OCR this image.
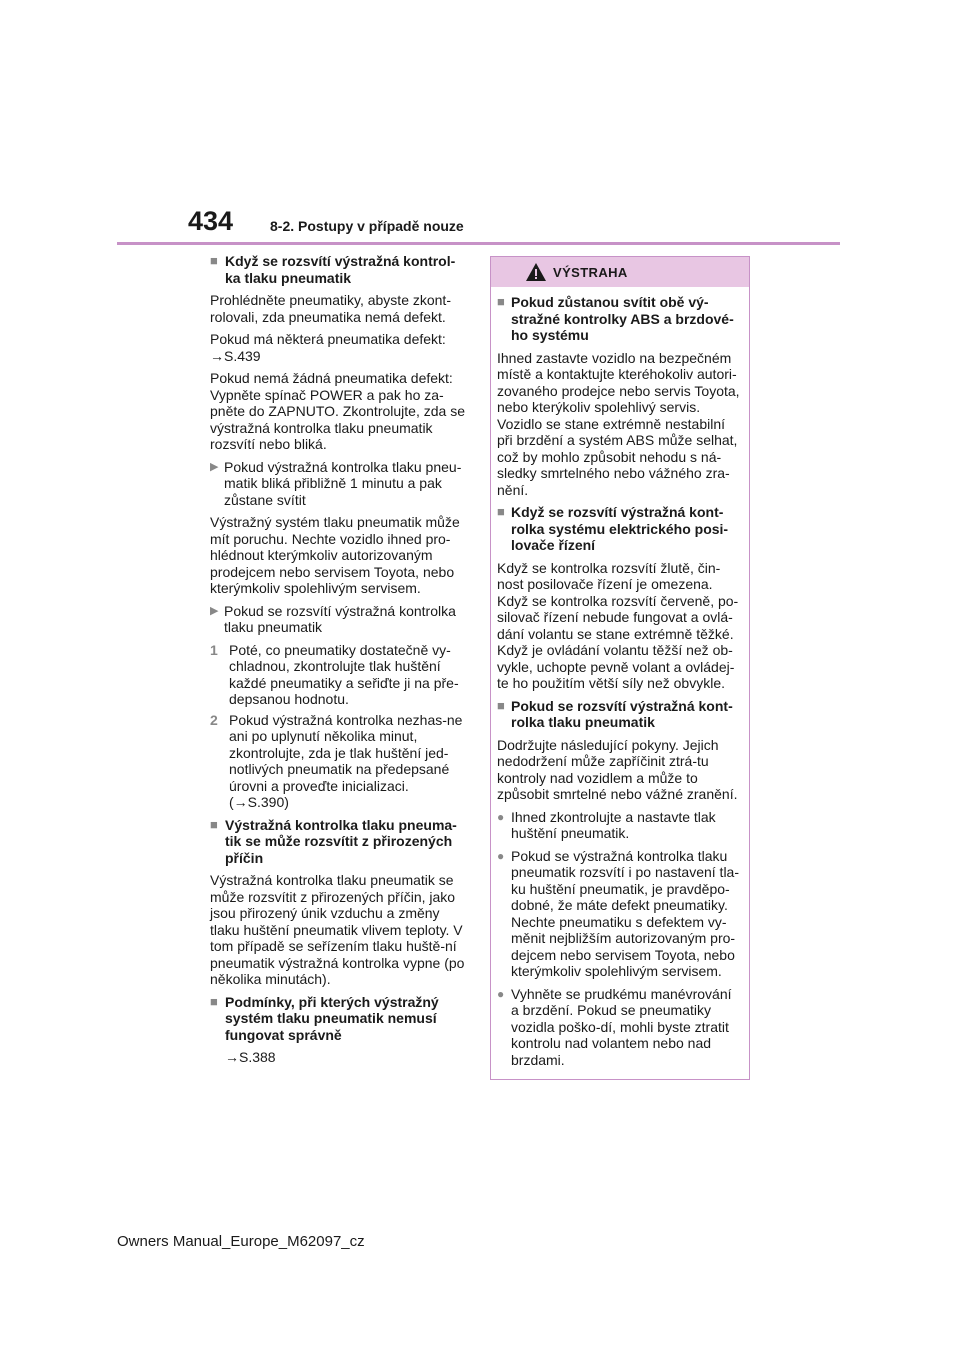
434	8-2. Postupy v případě nouze
■ Když se rozsvítí výstražná kontrol-ka tlaku pneumatik

Prohlédněte pneumatiky, abyste zkont-rolovali, zda pneumatika nemá defekt.

Pokud má některá pneumatika defekt: →S.439

Pokud nemá žádná pneumatika defekt: Vypněte spínač POWER a pak ho za-pněte do ZAPNUTO. Zkontrolujte, zda se výstražná kontrolka tlaku pneumatik rozsvítí nebo bliká.

▶ Pokud výstražná kontrolka tlaku pneu-matik bliká přibližně 1 minutu a pak zůstane svítit

Výstražný systém tlaku pneumatik může mít poruchu. Nechte vozidlo ihned pro-hlédnout kterýmkoliv autorizovaným prodejcem nebo servisem Toyota, nebo kterýmkoliv spolehlivým servisem.

▶ Pokud se rozsvítí výstražná kontrolka tlaku pneumatik
1 Poté, co pneumatiky dostatečně vy-chladnou, zkontrolujte tlak huštění každé pneumatiky a seřiďte ji na pře-depsanou hodnotu.
2 Pokud výstražná kontrolka nezhas-ne ani po uplynutí několika minut, zkontrolujte, zda je tlak huštění jed-notlivých pneumatik na předepsané úrovni a proveďte inicializaci. (→S.390)
■ Výstražná kontrolka tlaku pneuma-tik se může rozsvítit z přirozených příčin

Výstražná kontrolka tlaku pneumatik se může rozsvítit z přirozených příčin, jako jsou přirozený únik vzduchu a změny tlaku huštění pneumatik vlivem teploty. V tom případě se seřízením tlaku huště-ní pneumatik výstražná kontrolka vypne (po několika minutách).

■ Podmínky, při kterých výstražný systém tlaku pneumatik nemusí fungovat správně

→S.388

VÝSTRAHA
■ Pokud zůstanou svítit obě vý-stražné kontrolky ABS a brzdové-ho systému

Ihned zastavte vozidlo na bezpečném místě a kontaktujte kteréhokoliv autori-zovaného prodejce nebo servis Toyota, nebo kterýkoliv spolehlivý servis. Vozidlo se stane extrémně nestabilní při brzdění a systém ABS může selhat, což by mohlo způsobit nehodu s ná-sledky smrtelného nebo vážného zra-nění.

■ Když se rozsvítí výstražná kont-rolka systému elektrického posi-lovače řízení

Když se kontrolka rozsvítí žlutě, čin-nost posilovače řízení je omezena. Když se kontrolka rozsvítí červeně, po-silovač řízení nebude fungovat a ovlá-dání volantu se stane extrémně těžké. Když je ovládání volantu těžší než ob-vykle, uchopte pevně volant a ovládej-te ho použitím větší síly než obvykle.

■ Pokud se rozsvítí výstražná kont-rolka tlaku pneumatik

Dodržujte následující pokyny. Jejich nedodržení může zapříčinit ztrá-tu kontroly nad vozidlem a může to způsobit smrtelné nebo vážné zranění.

● Ihned zkontrolujte a nastavte tlak huštění pneumatik.
● Pokud se výstražná kontrolka tlaku pneumatik rozsvítí i po nastavení tla-ku huštění pneumatik, je pravděpo-dobné, že máte defekt pneumatiky. Nechte pneumatiku s defektem vy-měnit nejbližším autorizovaným pro-dejcem nebo servisem Toyota, nebo kterýmkoliv spolehlivým servisem.
● Vyhněte se prudkému manévrování a brzdění. Pokud se pneumatiky vozidla poško-dí, mohli byste ztratit kontrolu nad volantem nebo nad brzdami.
Owners Manual_Europe_M62097_cz
